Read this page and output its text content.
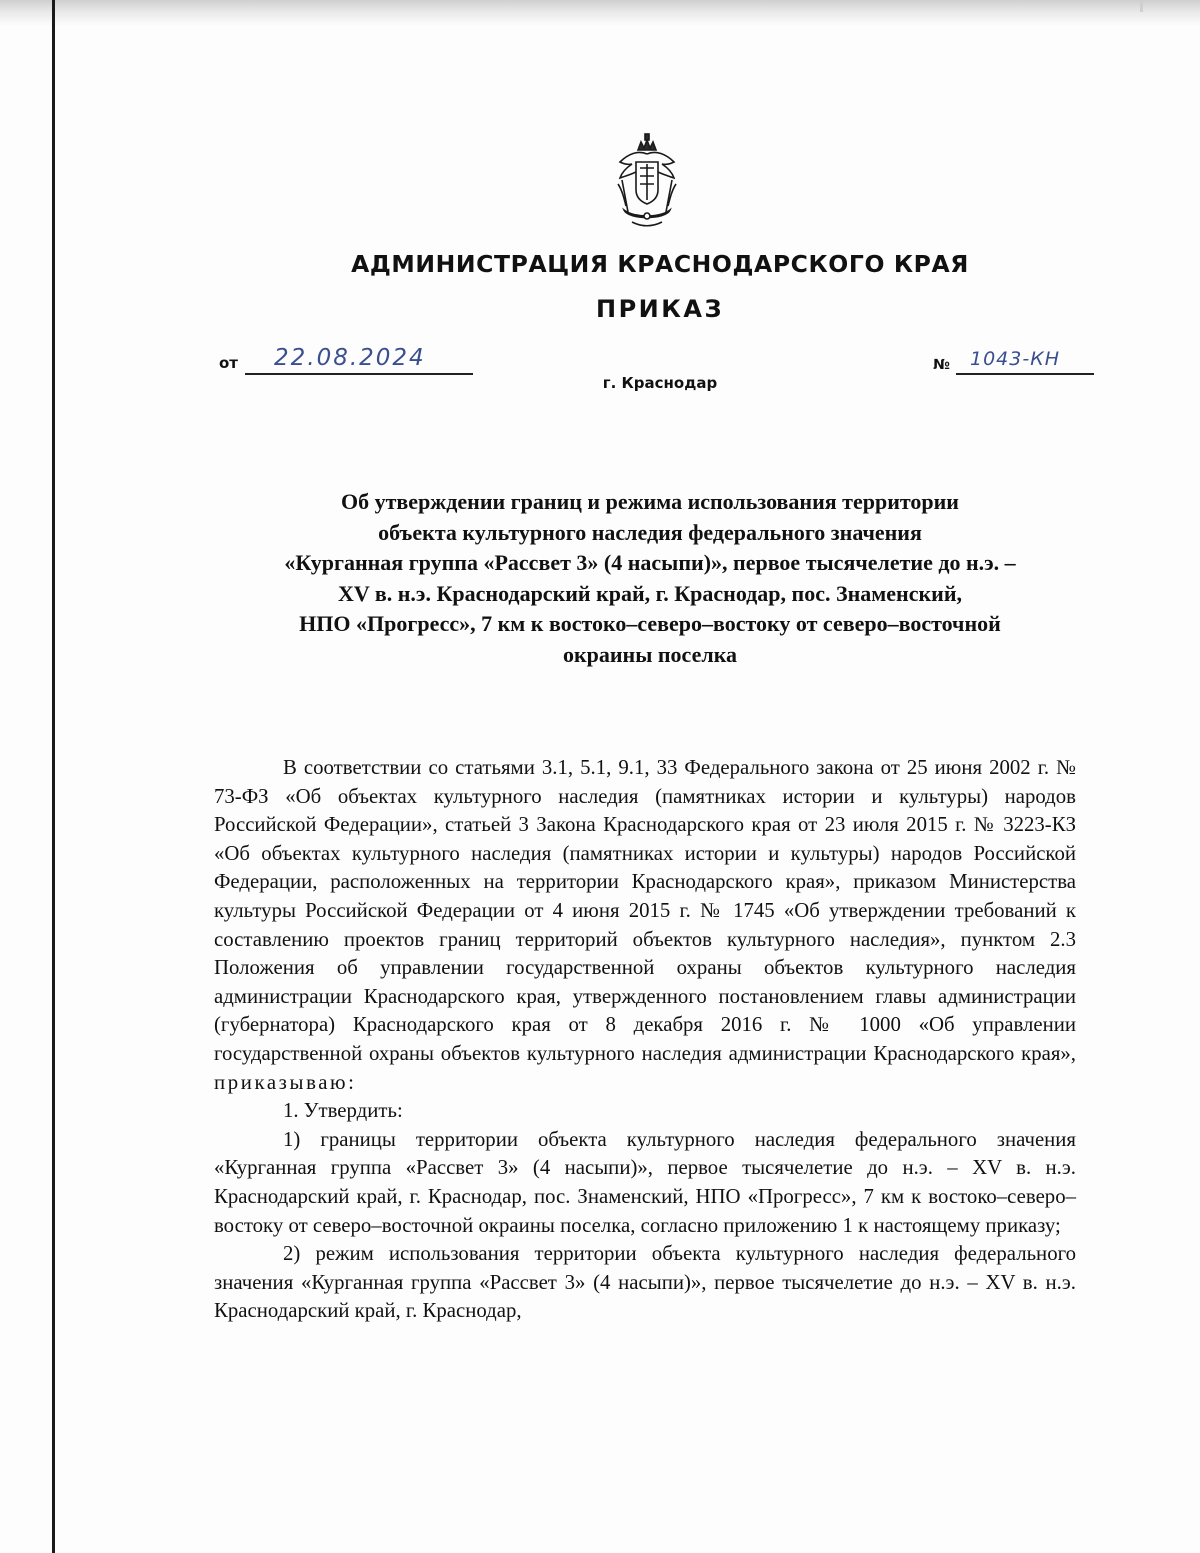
АДМИНИСТРАЦИЯ КРАСНОДАРСКОГО КРАЯ
ПРИКАЗ
от 22.08.2024
г. Краснодар
№ 1043-КН
Об утверждении границ и режима использования территории
объекта культурного наследия федерального значения
«Курганная группа «Рассвет 3» (4 насыпи)», первое тысячелетие до н.э. –
XV в. н.э. Краснодарский край, г. Краснодар, пос. Знаменский,
НПО «Прогресс», 7 км к востоко–северо–востоку от северо–восточной
окраины поселка

В соответствии со статьями 3.1, 5.1, 9.1, 33 Федерального закона от 25 июня 2002 г. № 73-ФЗ «Об объектах культурного наследия (памятниках истории и культуры) народов Российской Федерации», статьей 3 Закона Краснодарского края от 23 июля 2015 г. № 3223-КЗ «Об объектах культурного наследия (памятниках истории и культуры) народов Российской Федерации, расположенных на территории Краснодарского края», приказом Министерства культуры Российской Федерации от 4 июня 2015 г. № 1745 «Об утверждении требований к составлению проектов границ территорий объектов культурного наследия», пунктом 2.3 Положения об управлении государственной охраны объектов культурного наследия администрации Краснодарского края, утвержденного постановлением главы администрации (губернатора) Краснодарского края от 8 декабря 2016 г. № 1000 «Об управлении государственной охраны объектов культурного наследия администрации Краснодарского края», приказываю:

1. Утвердить:

1) границы территории объекта культурного наследия федерального значения «Курганная группа «Рассвет 3» (4 насыпи)», первое тысячелетие до н.э. – XV в. н.э. Краснодарский край, г. Краснодар, пос. Знаменский, НПО «Прогресс», 7 км к востоко–северо–востоку от северо–восточной окраины поселка, согласно приложению 1 к настоящему приказу;

2) режим использования территории объекта культурного наследия федерального значения «Курганная группа «Рассвет 3» (4 насыпи)», первое тысячелетие до н.э. – XV в. н.э. Краснодарский край, г. Краснодар,
